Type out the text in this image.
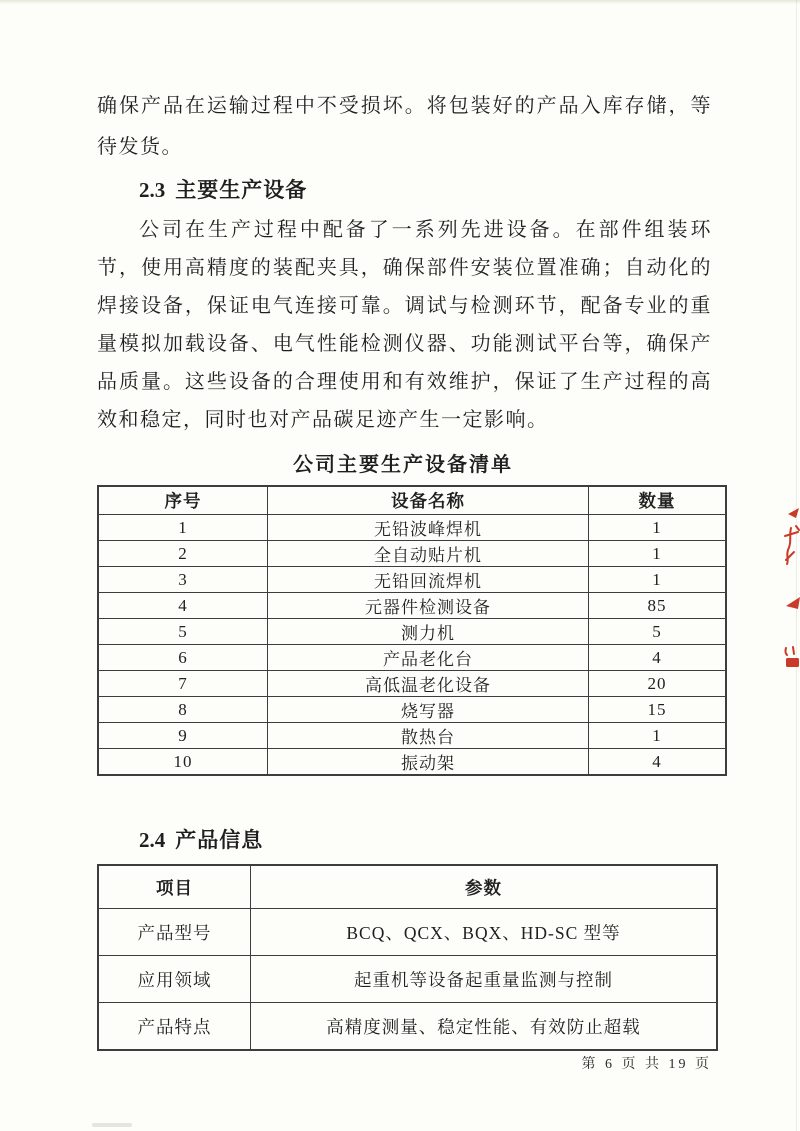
确保产品在运输过程中不受损坏。将包装好的产品入库存储，等待发货。

2.3 主要生产设备

公司在生产过程中配备了一系列先进设备。在部件组装环节，使用高精度的装配夹具，确保部件安装位置准确；自动化的焊接设备，保证电气连接可靠。调试与检测环节，配备专业的重量模拟加载设备、电气性能检测仪器、功能测试平台等，确保产品质量。这些设备的合理使用和有效维护，保证了生产过程的高效和稳定，同时也对产品碳足迹产生一定影响。

公司主要生产设备清单
序号	设备名称	数量
1	无铅波峰焊机	1
2	全自动贴片机	1
3	无铅回流焊机	1
4	元器件检测设备	85
5	测力机	5
6	产品老化台	4
7	高低温老化设备	20
8	烧写器	15
9	散热台	1
10	振动架	4
2.4 产品信息
项目	参数
产品型号	BCQ、QCX、BQX、HD-SC 型等
应用领域	起重机等设备起重量监测与控制
产品特点	高精度测量、稳定性能、有效防止超载
第 6 页 共 19 页
